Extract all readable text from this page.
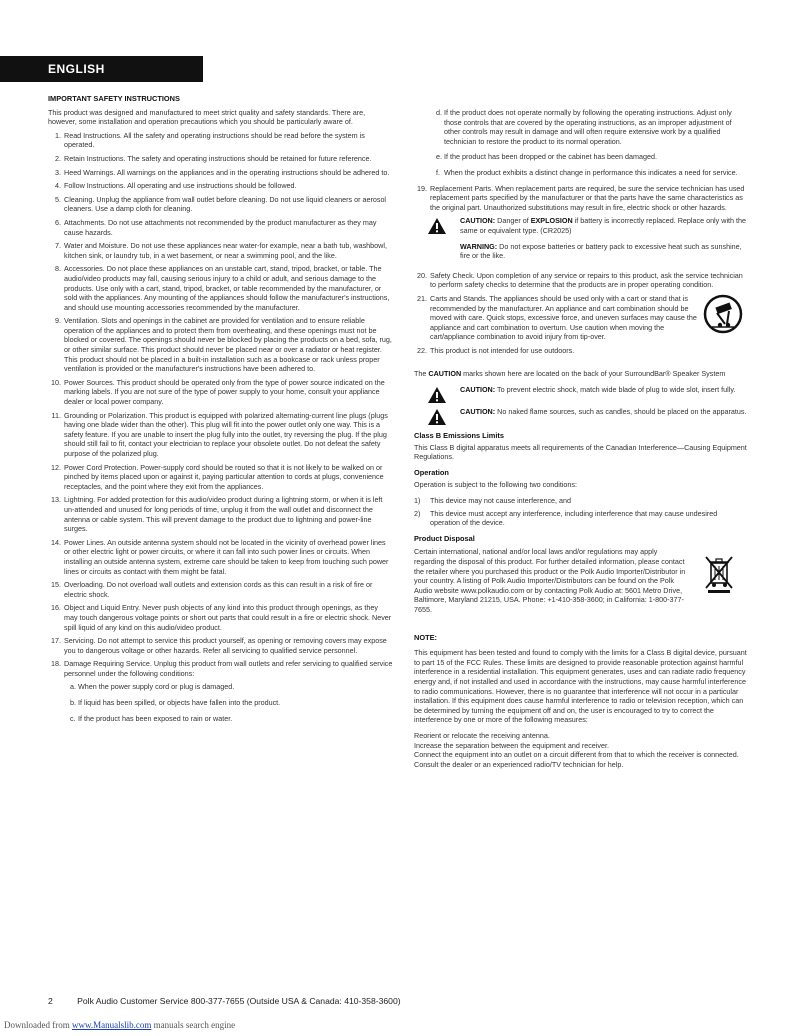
ENGLISH
IMPORTANT SAFETY INSTRUCTIONS
This product was designed and manufactured to meet strict quality and safety standards. There are, however, some installation and operation precautions which you should be particularly aware of.
1. Read Instructions. All the safety and operating instructions should be read before the system is operated.
2. Retain Instructions. The safety and operating instructions should be retained for future reference.
3. Heed Warnings. All warnings on the appliances and in the operating instructions should be adhered to.
4. Follow Instructions. All operating and use instructions should be followed.
5. Cleaning. Unplug the appliance from wall outlet before cleaning. Do not use liquid cleaners or aerosol cleaners. Use a damp cloth for cleaning.
6. Attachments. Do not use attachments not recommended by the product manufacturer as they may cause hazards.
7. Water and Moisture. Do not use these appliances near water-for example, near a bath tub, washbowl, kitchen sink, or laundry tub, in a wet basement, or near a swimming pool, and the like.
8. Accessories. Do not place these appliances on an unstable cart, stand, tripod, bracket, or table. The audio/video products may fall, causing serious injury to a child or adult, and serious damage to the products. Use only with a cart, stand, tripod, bracket, or table recommended by the manufacturer, or sold with the appliances. Any mounting of the appliances should follow the manufacturer's instructions, and should use mounting accessories recommended by the manufacturer.
9. Ventilation. Slots and openings in the cabinet are provided for ventilation and to ensure reliable operation of the appliances and to protect them from overheating, and these openings must not be blocked or covered. The openings should never be blocked by placing the products on a bed, sofa, rug, or other similar surface. This product should never be placed near or over a radiator or heat register. This product should not be placed in a built-in installation such as a bookcase or rack unless proper ventilation is provided or the manufacturer's instructions have been adhered to.
10. Power Sources. This product should be operated only from the type of power source indicated on the marking labels. If you are not sure of the type of power supply to your home, consult your appliance dealer or local power company.
11. Grounding or Polarization. This product is equipped with polarized alternating-current line plugs (plugs having one blade wider than the other). This plug will fit into the power outlet only one way. This is a safety feature. If you are unable to insert the plug fully into the outlet, try reversing the plug. If the plug should still fail to fit, contact your electrician to replace your obsolete outlet. Do not defeat the safety purpose of the polarized plug.
12. Power Cord Protection. Power-supply cord should be routed so that it is not likely to be walked on or pinched by items placed upon or against it, paying particular attention to cords at plugs, convenience receptacles, and the point where they exit from the appliances.
13. Lightning. For added protection for this audio/video product during a lightning storm, or when it is left un-attended and unused for long periods of time, unplug it from the wall outlet and disconnect the antenna or cable system. This will prevent damage to the product due to lightning and power-line surges.
14. Power Lines. An outside antenna system should not be located in the vicinity of overhead power lines or other electric light or power circuits, or where it can fall into such power lines or circuits. When installing an outside antenna system, extreme care should be taken to keep from touching such power lines or circuits as contact with them might be fatal.
15. Overloading. Do not overload wall outlets and extension cords as this can result in a risk of fire or electric shock.
16. Object and Liquid Entry. Never push objects of any kind into this product through openings, as they may touch dangerous voltage points or short out parts that could result in a fire or electric shock. Never spill liquid of any kind on this audio/video product.
17. Servicing. Do not attempt to service this product yourself, as opening or removing covers may expose you to dangerous voltage or other hazards. Refer all servicing to qualified service personnel.
18. Damage Requiring Service. Unplug this product from wall outlets and refer servicing to qualified service personnel under the following conditions:
a. When the power supply cord or plug is damaged.
b. If liquid has been spilled, or objects have fallen into the product.
c. If the product has been exposed to rain or water.
d. If the product does not operate normally by following the operating instructions. Adjust only those controls that are covered by the operating instructions, as an improper adjustment of other controls may result in damage and will often require extensive work by a qualified technician to restore the product to its normal operation.
e. If the product has been dropped or the cabinet has been damaged.
f. When the product exhibits a distinct change in performance this indicates a need for service.
19. Replacement Parts. When replacement parts are required, be sure the service technician has used replacement parts specified by the manufacturer or that the parts have the same characteristics as the original part. Unauthorized substitutions may result in fire, electric shock or other hazards.
CAUTION: Danger of EXPLOSION if battery is incorrectly replaced. Replace only with the same or equivalent type. (CR2025)
WARNING: Do not expose batteries or battery pack to excessive heat such as sunshine, fire or the like.
20. Safety Check. Upon completion of any service or repairs to this product, ask the service technician to perform safety checks to determine that the products are in proper operating condition.
21. Carts and Stands. The appliances should be used only with a cart or stand that is recommended by the manufacturer. An appliance and cart combination should be moved with care. Quick stops, excessive force, and uneven surfaces may cause the appliance and cart combination to overturn. Use caution when moving the cart/appliance combination to avoid injury from tip-over.
22. This product is not intended for use outdoors.
The CAUTION marks shown here are located on the back of your SurroundBar® Speaker System
CAUTION: To prevent electric shock, match wide blade of plug to wide slot, insert fully.
CAUTION: No naked flame sources, such as candles, should be placed on the apparatus.
Class B Emissions Limits
This Class B digital apparatus meets all requirements of the Canadian Interference—Causing Equipment Regulations.
Operation
Operation is subject to the following two conditions:
1)	This device may not cause interference, and
2)	This device must accept any interference, including interference that may cause undesired operation of the device.
Product Disposal
Certain international, national and/or local laws and/or regulations may apply regarding the disposal of this product. For further detailed information, please contact the retailer where you purchased this product or the Polk Audio Importer/Distributor in your country. A listing of Polk Audio Importer/Distributors can be found on the Polk Audio website www.polkaudio.com or by contacting Polk Audio at: 5601 Metro Drive, Baltimore, Maryland 21215, USA. Phone: +1-410-358-3600; in California: 1-800-377-7655.
NOTE:
This equipment has been tested and found to comply with the limits for a Class B digital device, pursuant to part 15 of the FCC Rules. These limits are designed to provide reasonable protection against harmful interference in a residential installation. This equipment generates, uses and can radiate radio frequency energy and, if not installed and used in accordance with the instructions, may cause harmful interference to radio communications. However, there is no guarantee that interference will not occur in a particular installation. If this equipment does cause harmful interference to radio or television reception, which can be determined by turning the equipment off and on, the user is encouraged to try to correct the interference by one or more of the following measures:
Reorient or relocate the receiving antenna.
Increase the separation between the equipment and receiver.
Connect the equipment into an outlet on a circuit different from that to which the receiver is connected.
Consult the dealer or an experienced radio/TV technician for help.
2	Polk Audio Customer Service 800-377-7655 (Outside USA & Canada: 410-358-3600)
Downloaded from www.Manualslib.com manuals search engine
